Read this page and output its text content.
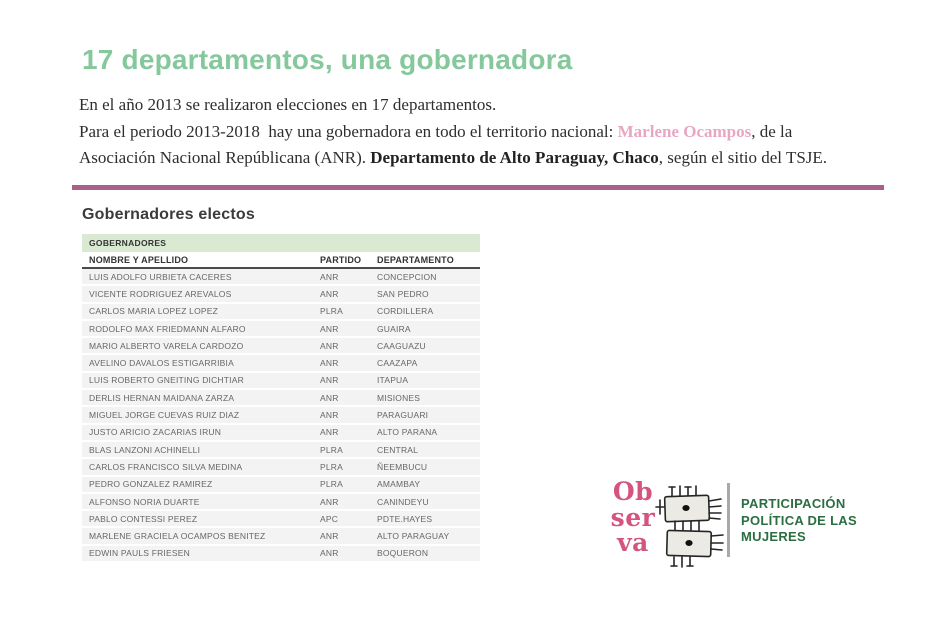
17 departamentos, una gobernadora
En el año 2013 se realizaron elecciones en 17 departamentos.
Para el periodo 2013-2018  hay una gobernadora en todo el territorio nacional: Marlene Ocampos, de la
Asociación Nacional Repúblicana (ANR). Departamento de Alto Paraguay, Chaco, según el sitio del TSJE.
Gobernadores electos
GOBERNADORES
NOMBRE Y APELLIDO	PARTIDO	DEPARTAMENTO
LUIS ADOLFO URBIETA CACERES	ANR	CONCEPCION
VICENTE RODRIGUEZ AREVALOS	ANR	SAN PEDRO
CARLOS MARIA LOPEZ LOPEZ	PLRA	CORDILLERA
RODOLFO MAX FRIEDMANN ALFARO	ANR	GUAIRA
MARIO ALBERTO VARELA CARDOZO	ANR	CAAGUAZU
AVELINO DAVALOS ESTIGARRIBIA	ANR	CAAZAPA
LUIS ROBERTO GNEITING DICHTIAR	ANR	ITAPUA
DERLIS HERNAN MAIDANA ZARZA	ANR	MISIONES
MIGUEL JORGE CUEVAS RUIZ DIAZ	ANR	PARAGUARI
JUSTO ARICIO ZACARIAS IRUN	ANR	ALTO PARANA
BLAS LANZONI ACHINELLI	PLRA	CENTRAL
CARLOS FRANCISCO SILVA MEDINA	PLRA	ÑEEMBUCU
PEDRO GONZALEZ RAMIREZ	PLRA	AMAMBAY
ALFONSO NORIA DUARTE	ANR	CANINDEYU
PABLO CONTESSI PEREZ	APC	PDTE.HAYES
MARLENE GRACIELA OCAMPOS BENITEZ	ANR	ALTO PARAGUAY
EDWIN PAULS FRIESEN	ANR	BOQUERON
Ob
ser
va
PARTICIPACIÓN
POLÍTICA DE LAS
MUJERES
